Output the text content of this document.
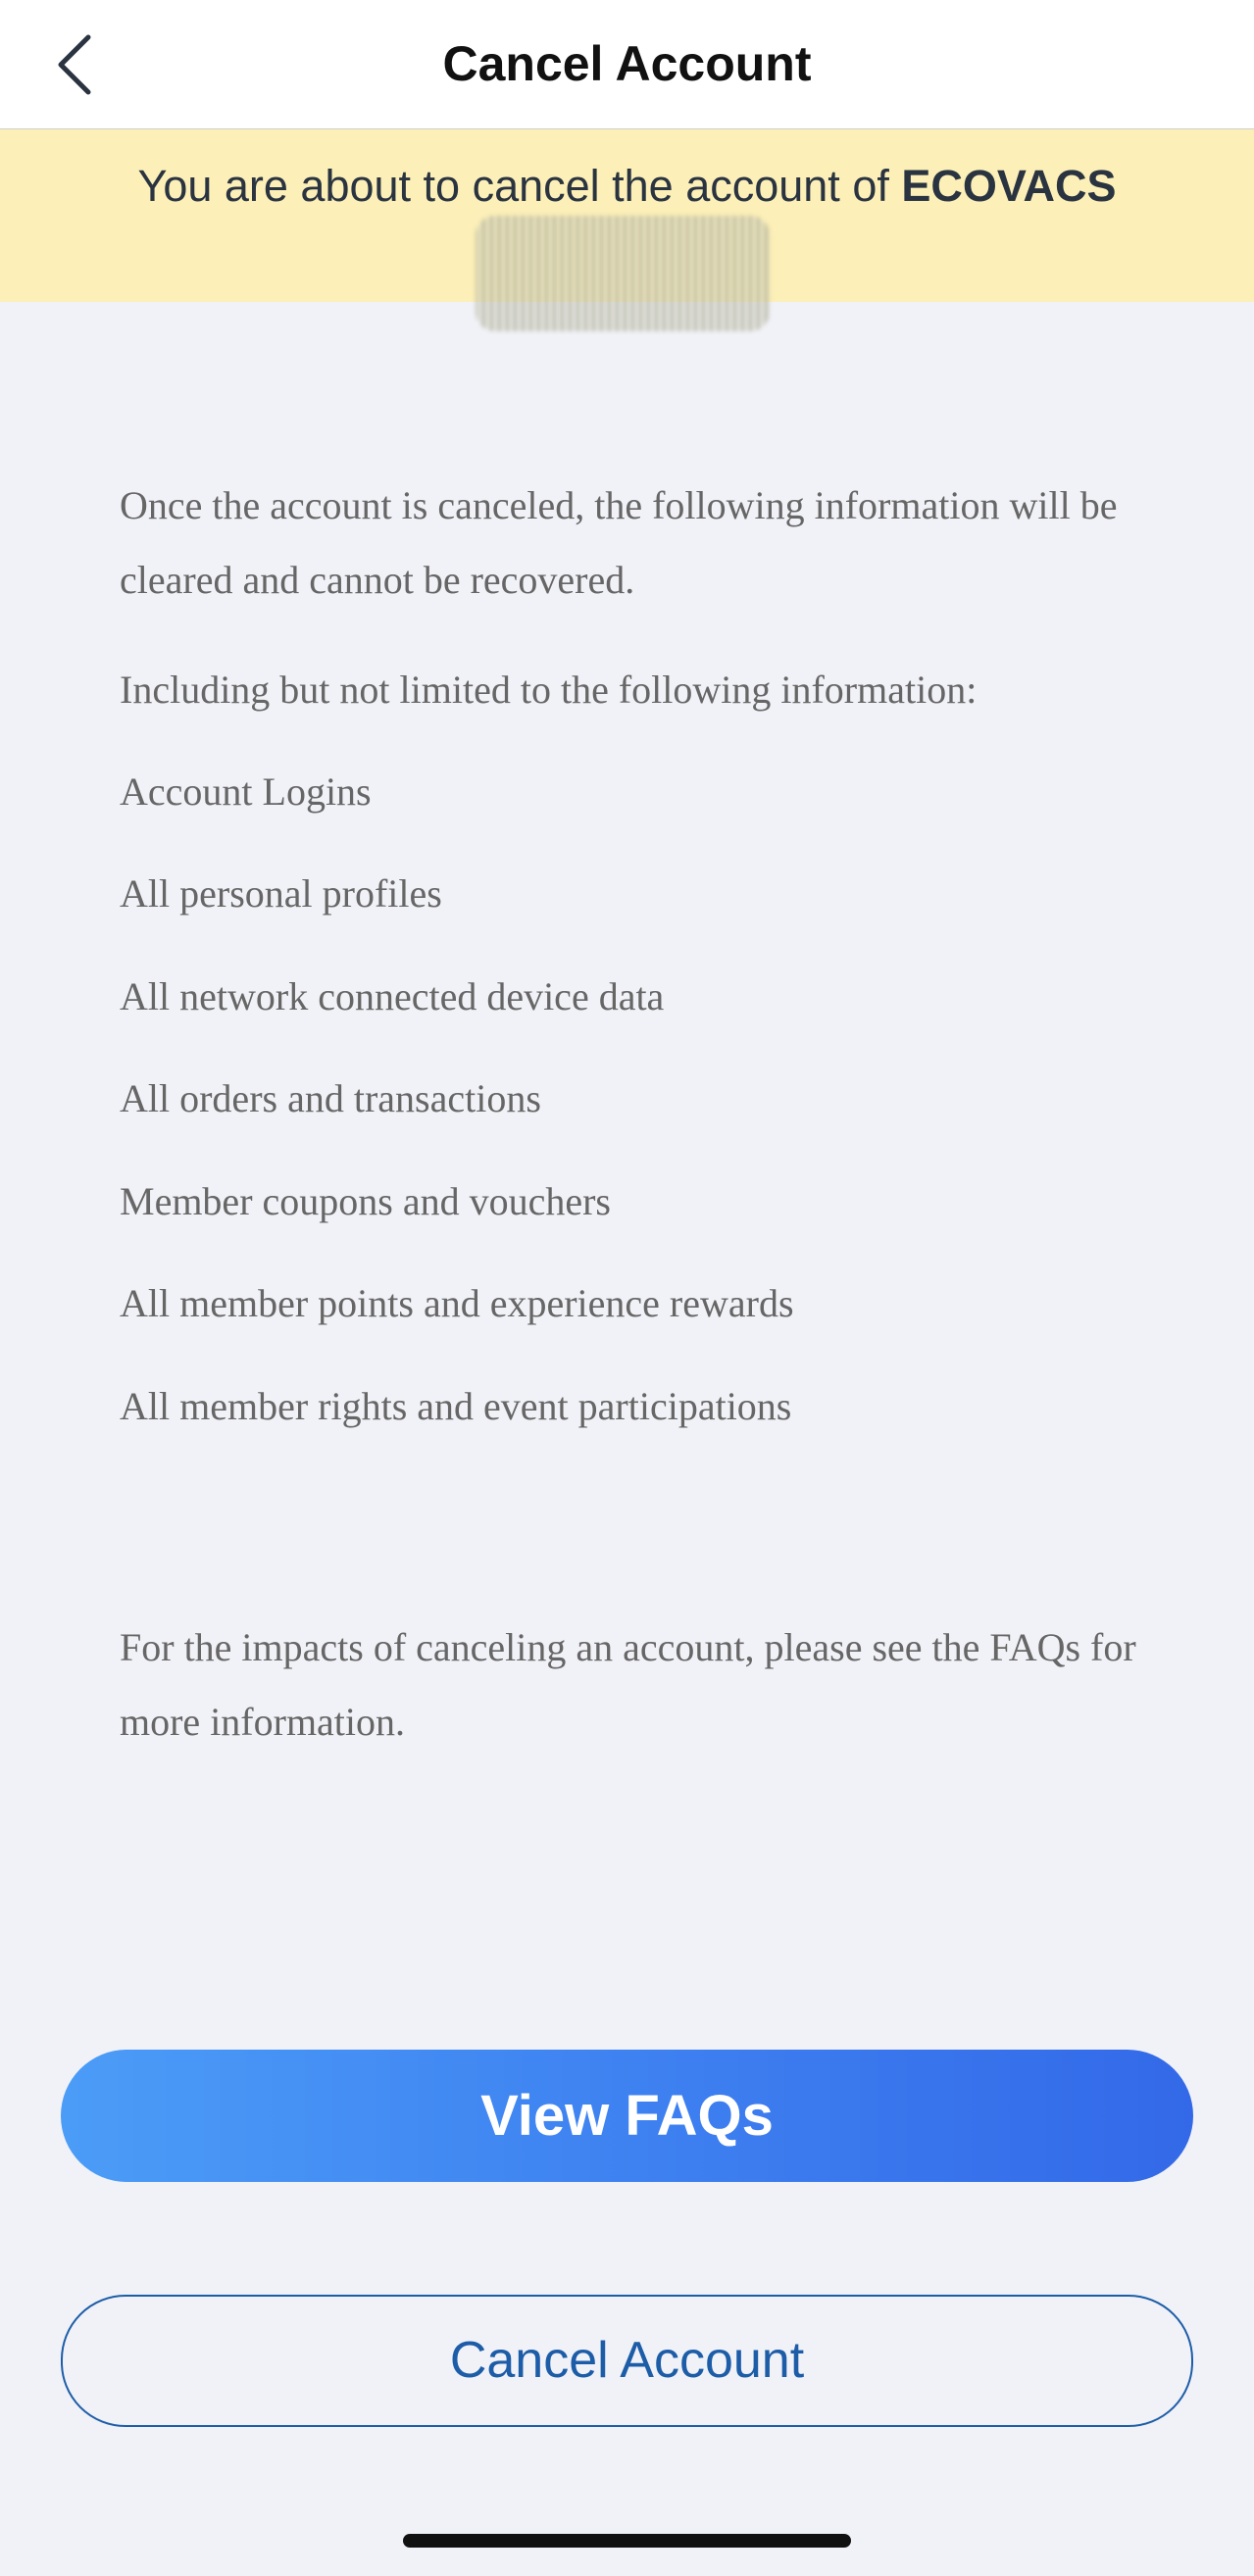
Cancel Account
You are about to cancel the account of ECOVACS
Once the account is canceled, the following information will be cleared and cannot be recovered.
Including but not limited to the following information:
Account Logins
All personal profiles
All network connected device data
All orders and transactions
Member coupons and vouchers
All member points and experience rewards
All member rights and event participations
For the impacts of canceling an account, please see the FAQs for more information.
View FAQs
Cancel Account
